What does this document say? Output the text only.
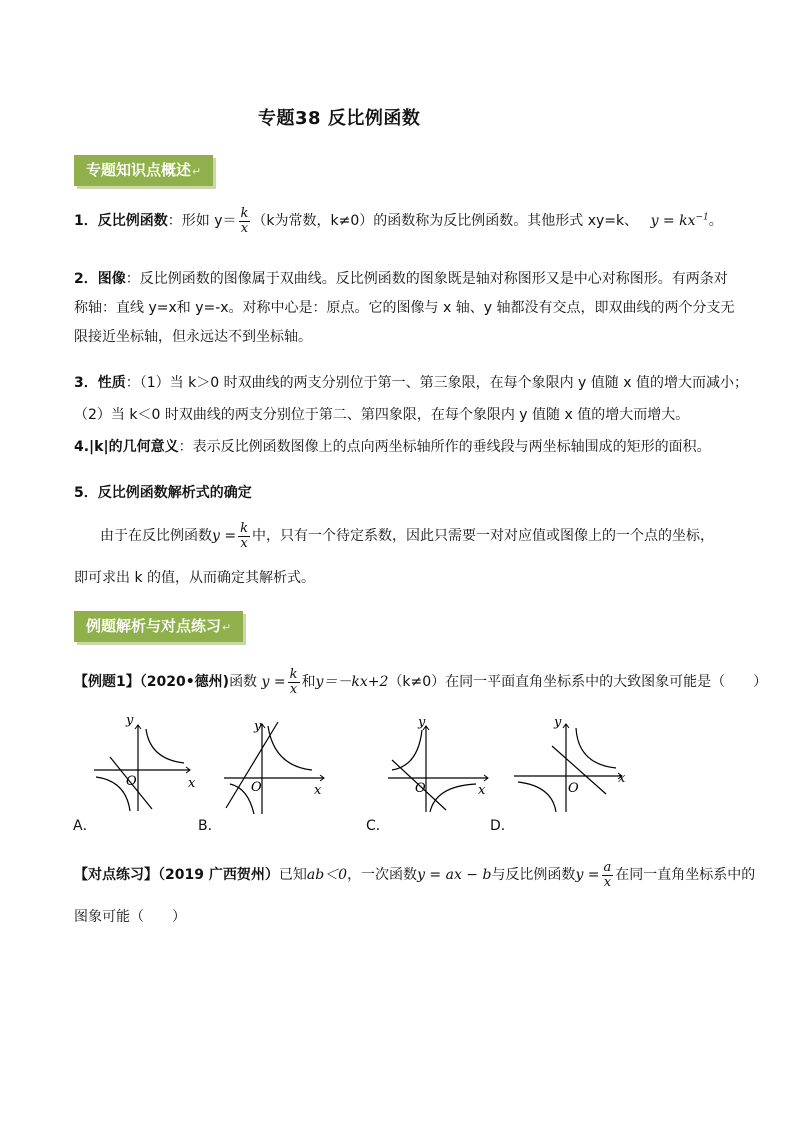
专题38 反比例函数
专题知识点概述↵
1．反比例函数：形如 $y= \frac{k}{x} (k$为常数，k≠0）的函数称为反比例函数。其他形式 xy=k、 $y = kx^{-1}$。
2．图像：反比例函数的图像属于双曲线。反比例函数的图象既是轴对称图形又是中心对称图形。有两条对
称轴：直线 y=x和 y=-x。对称中心是：原点。它的图像与 x 轴、y 轴都没有交点，即双曲线的两个分支无
限接近坐标轴，但永远达不到坐标轴。
3．性质：（1）当 k＞0 时双曲线的两支分别位于第一、第三象限，在每个象限内 y 值随 x 值的增大而减小；
（2）当 k＜0 时双曲线的两支分别位于第二、第四象限，在每个象限内 y 值随 x 值的增大而增大。
4.|k|的几何意义：表示反比例函数图像上的点向两坐标轴所作的垂线段与两坐标轴围成的矩形的面积。
5．反比例函数解析式的确定
由于在反比例函数$y = \frac{k}{x}$ 中，只有一个待定系数，因此只需要一对对应值或图像上的一个点的坐标，
即可求出 k 的值，从而确定其解析式。
例题解析与对点练习↵
【例题1】（2020•德州)函数 $y = \frac{k}{x}$ 和y＝－kx+2（k≠0）在同一平面直角坐标系中的大致图象可能是（　　）
y
x
O
A．
y
x
O
B．
y
x
O
C．
y
x
O
D．
【对点练习】（2019 广西贺州）已知ab＜0，一次函数y = ax − b与反比例函数$y = \frac{a}{x}$ 在同一直角坐标系中的
图象可能（　　）
